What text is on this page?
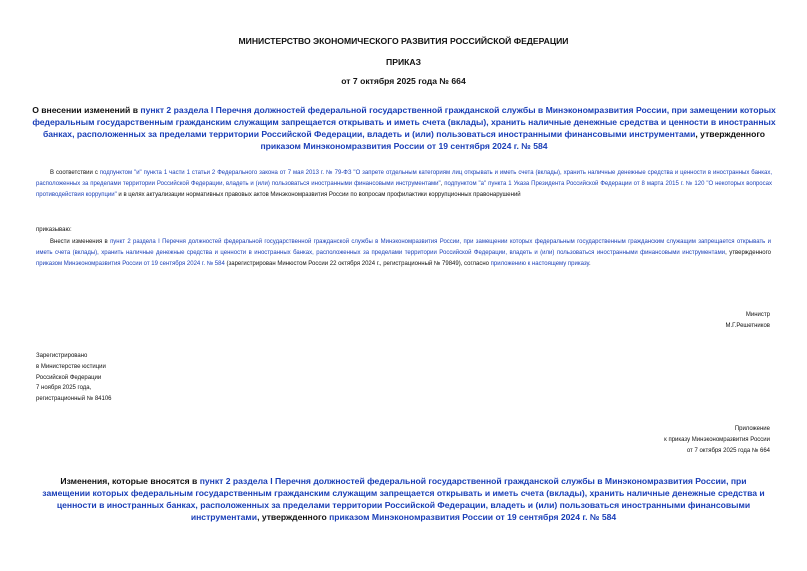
МИНИСТЕРСТВО ЭКОНОМИЧЕСКОГО РАЗВИТИЯ РОССИЙСКОЙ ФЕДЕРАЦИИ
ПРИКАЗ
от 7 октября 2025 года № 664
О внесении изменений в пункт 2 раздела I Перечня должностей федеральной государственной гражданской службы в Минэкономразвития России, при замещении которых федеральным государственным гражданским служащим запрещается открывать и иметь счета (вклады), хранить наличные денежные средства и ценности в иностранных банках, расположенных за пределами территории Российской Федерации, владеть и (или) пользоваться иностранными финансовыми инструментами, утвержденного приказом Минэкономразвития России от 19 сентября 2024 г. № 584
В соответствии с подпунктом "и" пункта 1 части 1 статьи 2 Федерального закона от 7 мая 2013 г. № 79-ФЗ "О запрете отдельным категориям лиц открывать и иметь счета (вклады), хранить наличные денежные средства и ценности в иностранных банках, расположенных за пределами территории Российской Федерации, владеть и (или) пользоваться иностранными финансовыми инструментами", подпунктом "а" пункта 1 Указа Президента Российской Федерации от 8 марта 2015 г. № 120 "О некоторых вопросах противодействия коррупции" и в целях актуализации нормативных правовых актов Минэкономразвития России по вопросам профилактики коррупционных правонарушений
приказываю:
Внести изменения в пункт 2 раздела I Перечня должностей федеральной государственной гражданской службы в Минэкономразвития России, при замещении которых федеральным государственным гражданским служащим запрещается открывать и иметь счета (вклады), хранить наличные денежные средства и ценности в иностранных банках, расположенных за пределами территории Российской Федерации, владеть и (или) пользоваться иностранными финансовыми инструментами, утвержденного приказом Минэкономразвития России от 19 сентября 2024 г. № 584 (зарегистрирован Минюстом России 22 октября 2024 г., регистрационный № 79849), согласно приложению к настоящему приказу.
Министр
М.Г.Решетников
Зарегистрировано
в Министерстве юстиции
Российской Федерации
7 ноября 2025 года,
регистрационный № 84106
Приложение
к приказу Минэкономразвития России
от 7 октября 2025 года № 664
Изменения, которые вносятся в пункт 2 раздела I Перечня должностей федеральной государственной гражданской службы в Минэкономразвития России, при замещении которых федеральным государственным гражданским служащим запрещается открывать и иметь счета (вклады), хранить наличные денежные средства и ценности в иностранных банках, расположенных за пределами территории Российской Федерации, владеть и (или) пользоваться иностранными финансовыми инструментами, утвержденного приказом Минэкономразвития России от 19 сентября 2024 г. № 584
